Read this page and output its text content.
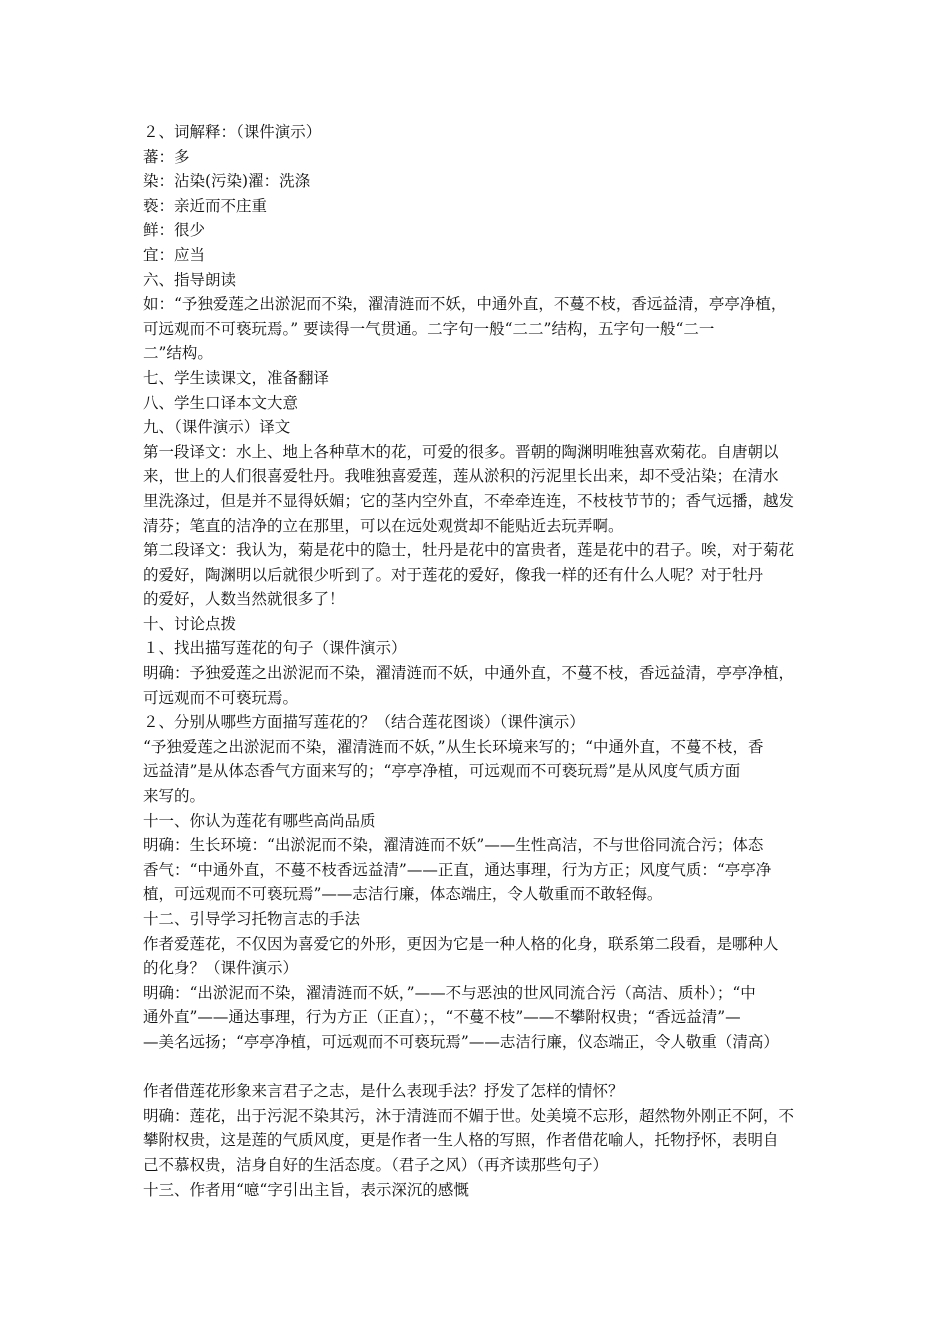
２、词解释：（课件演示）
蕃：多
染：沾染(污染)濯：洗涤
亵：亲近而不庄重
鲜：很少
宜：应当
六、指导朗读
如：“予独爱莲之出淤泥而不染，濯清涟而不妖，中通外直，不蔓不枝，香远益清，亭亭净植，
可远观而不可亵玩焉。” 要读得一气贯通。二字句一般“二二”结构，五字句一般“二一
二”结构。
七、学生读课文，准备翻译
八、学生口译本文大意
九、（课件演示）译文
第一段译文：水上、地上各种草木的花，可爱的很多。晋朝的陶渊明唯独喜欢菊花。自唐朝以
来，世上的人们很喜爱牡丹。我唯独喜爱莲，莲从淤积的污泥里长出来，却不受沾染；在清水
里洗涤过，但是并不显得妖媚；它的茎内空外直，不牵牵连连，不枝枝节节的；香气远播，越发
清芬；笔直的洁净的立在那里，可以在远处观赏却不能贴近去玩弄啊。
第二段译文：我认为，菊是花中的隐士，牡丹是花中的富贵者，莲是花中的君子。唉，对于菊花
的爱好，陶渊明以后就很少听到了。对于莲花的爱好，像我一样的还有什么人呢？对于牡丹
的爱好，人数当然就很多了！
十、讨论点拨
１、找出描写莲花的句子（课件演示）
明确：予独爱莲之出淤泥而不染，濯清涟而不妖，中通外直，不蔓不枝，香远益清，亭亭净植，
可远观而不可亵玩焉。
２、分别从哪些方面描写莲花的？（结合莲花图谈）（课件演示）
“予独爱莲之出淤泥而不染，濯清涟而不妖，”从生长环境来写的；“中通外直，不蔓不枝，香
远益清”是从体态香气方面来写的；“亭亭净植，可远观而不可亵玩焉”是从风度气质方面
来写的。
十一、你认为莲花有哪些高尚品质
明确：生长环境：“出淤泥而不染，濯清涟而不妖”——生性高洁，不与世俗同流合污；体态
香气：“中通外直，不蔓不枝香远益清”——正直，通达事理，行为方正；风度气质：“亭亭净
植，可远观而不可亵玩焉”——志洁行廉，体态端庄，令人敬重而不敢轻侮。
十二、引导学习托物言志的手法
作者爱莲花，不仅因为喜爱它的外形，更因为它是一种人格的化身，联系第二段看，是哪种人
的化身？（课件演示）
明确：“出淤泥而不染，濯清涟而不妖，”——不与恶浊的世风同流合污（高洁、质朴）；“中
通外直”——通达事理，行为方正（正直）；，“不蔓不枝”——不攀附权贵；“香远益清”—
—美名远扬；“亭亭净植，可远观而不可亵玩焉”——志洁行廉，仪态端正，令人敬重（清高）
作者借莲花形象来言君子之志，是什么表现手法？抒发了怎样的情怀？
明确：莲花，出于污泥不染其污，沐于清涟而不媚于世。处美境不忘形，超然物外刚正不阿，不
攀附权贵，这是莲的气质风度，更是作者一生人格的写照，作者借花喻人，托物抒怀，表明自
己不慕权贵，洁身自好的生活态度。（君子之风）（再齐读那些句子）
十三、作者用“噫“字引出主旨，表示深沉的感慨
